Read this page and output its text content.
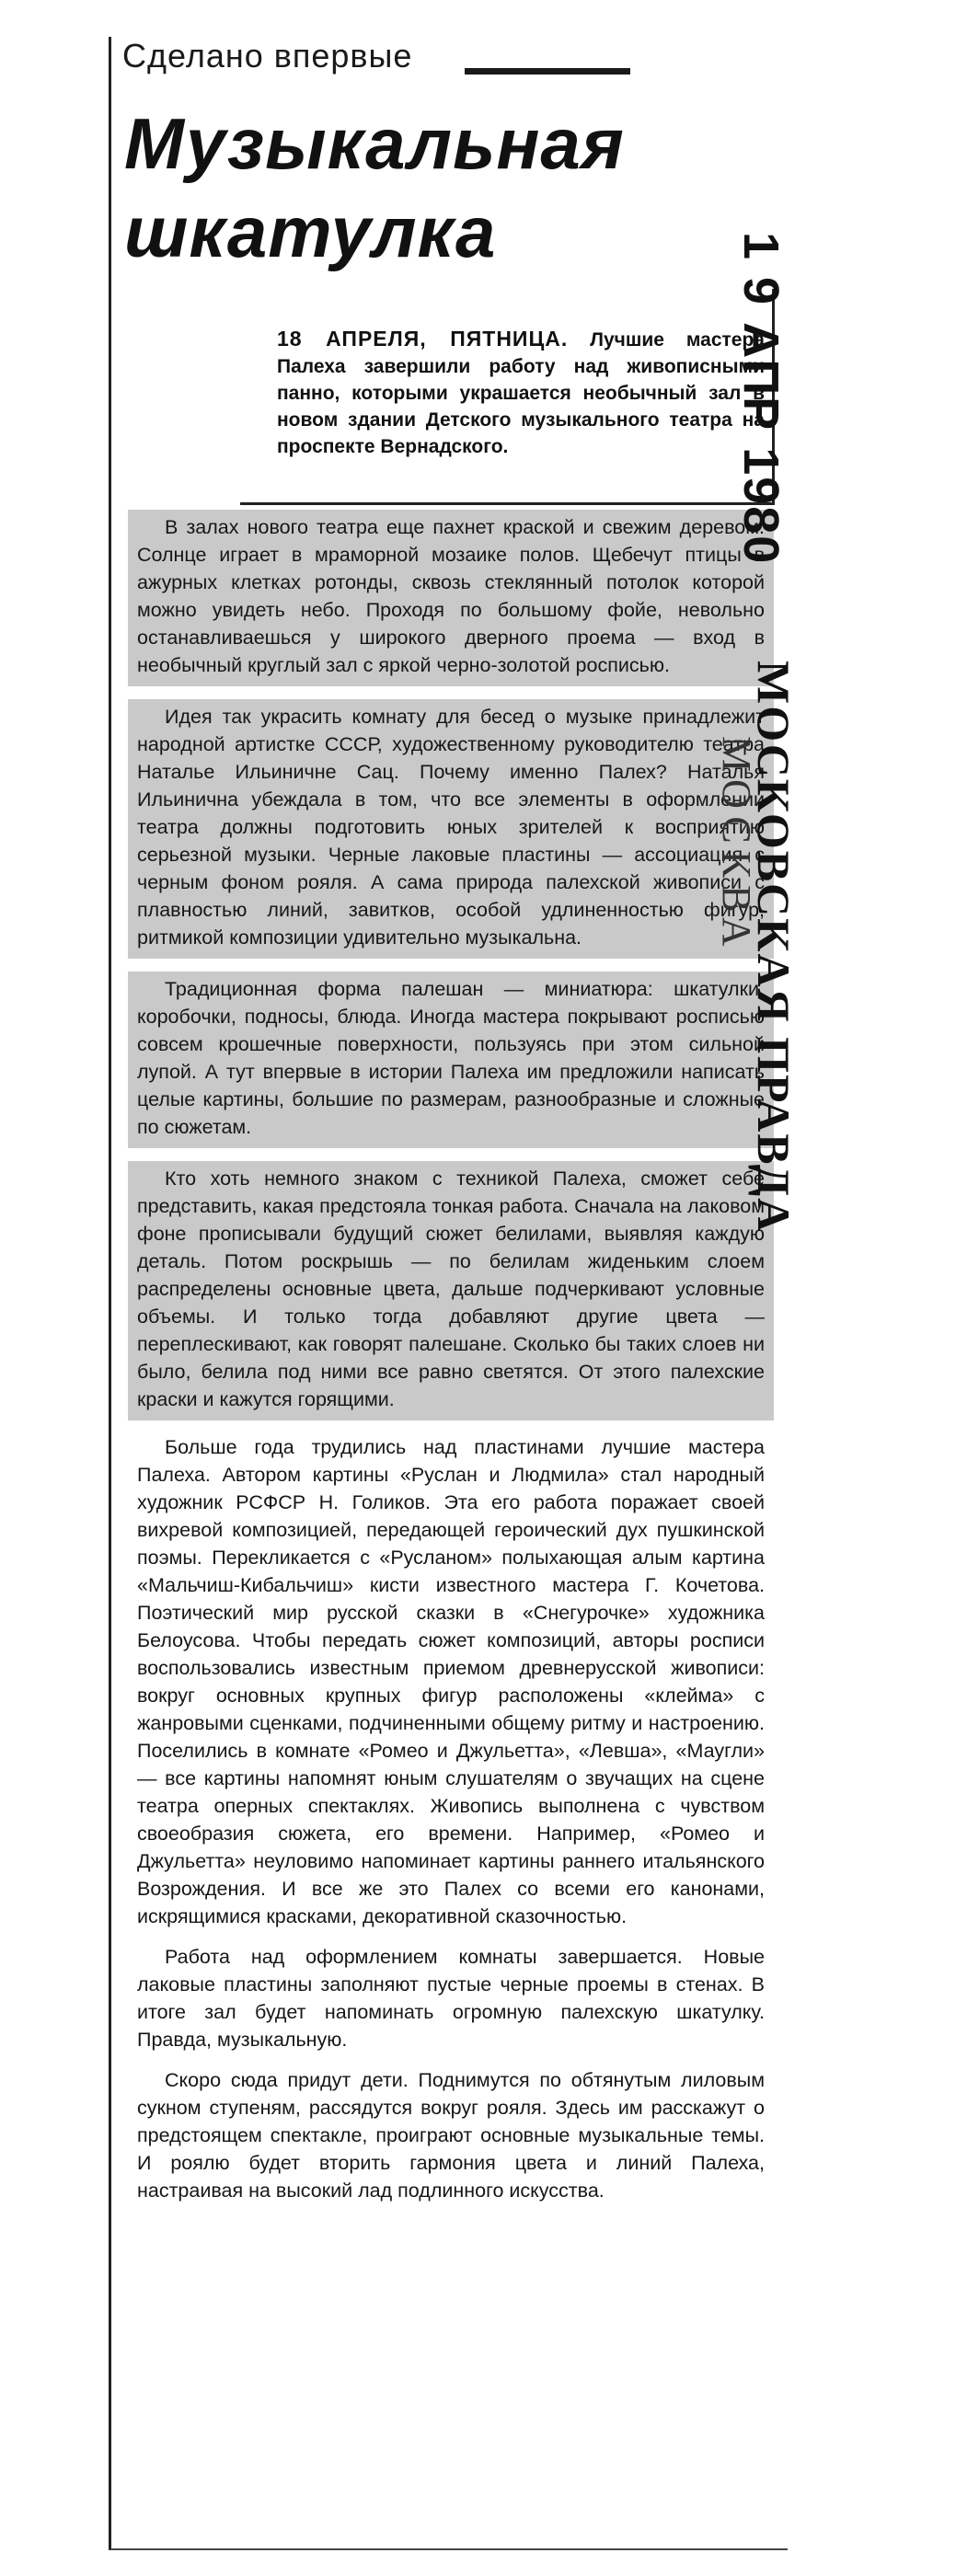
Сделано впервые
Музыкальная
шкатулка

18 АПРЕЛЯ, ПЯТНИЦА. Лучшие мастера Палеха завершили работу над живописными панно, которыми украшается необычный зал в новом здании Детского музыкального театра на проспекте Вернадского.

В залах нового театра еще пахнет краской и свежим деревом. Солнце играет в мраморной мозаике полов. Щебечут птицы в ажурных клетках ротонды, сквозь стеклянный потолок которой можно увидеть небо. Проходя по большому фойе, невольно останавливаешься у широкого дверного проема — вход в необычный круглый зал с яркой черно-золотой росписью.

Идея так украсить комнату для бесед о музыке принадлежит народной артистке СССР, художественному руководителю театра Наталье Ильиничне Сац. Почему именно Палех? Наталья Ильинична убеждала в том, что все элементы в оформлении театра должны подготовить юных зрителей к восприятию серьезной музыки. Черные лаковые пластины — ассоциация с черным фоном рояля. А сама природа палехской живописи с плавностью линий, завитков, особой удлиненностью фигур, ритмикой композиции удивительно музыкальна.

Традиционная форма палешан — миниатюра: шкатулки, коробочки, подносы, блюда. Иногда мастера покрывают росписью совсем крошечные поверхности, пользуясь при этом сильной лупой. А тут впервые в истории Палеха им предложили написать целые картины, большие по размерам, разнообразные и сложные по сюжетам.

Кто хоть немного знаком с техникой Палеха, сможет себе представить, какая предстояла тонкая работа. Сначала на лаковом фоне прописывали будущий сюжет белилами, выявляя каждую деталь. Потом роскрышь — по белилам жиденьким слоем распределены основные цвета, дальше подчеркивают условные объемы. И только тогда добавляют другие цвета — переплескивают, как говорят палешане. Сколько бы таких слоев ни было, белила под ними все равно светятся. От этого палехские краски и кажутся горящими.

Больше года трудились над пластинами лучшие мастера Палеха. Автором картины «Руслан и Людмила» стал народный художник РСФСР Н. Голиков. Эта его работа поражает своей вихревой композицией, передающей героический дух пушкинской поэмы. Перекликается с «Русланом» полыхающая алым картина «Мальчиш-Кибальчиш» кисти известного мастера Г. Кочетова. Поэтический мир русской сказки в «Снегурочке» художника Белоусова. Чтобы передать сюжет композиций, авторы росписи воспользовались известным приемом древнерусской живописи: вокруг основных крупных фигур расположены «клейма» с жанровыми сценками, подчиненными общему ритму и настроению. Поселились в комнате «Ромео и Джульетта», «Левша», «Маугли» — все картины напомнят юным слушателям о звучащих на сцене театра оперных спектаклях. Живопись выполнена с чувством своеобразия сюжета, его времени. Например, «Ромео и Джульетта» неуловимо напоминает картины раннего итальянского Возрождения. И все же это Палех со всеми его канонами, искрящимися красками, декоративной сказочностью.

Работа над оформлением комнаты завершается. Новые лаковые пластины заполняют пустые черные проемы в стенах. В итоге зал будет напоминать огромную палехскую шкатулку. Правда, музыкальную.

Скоро сюда придут дети. Поднимутся по обтянутым лиловым сукном ступеням, рассядутся вокруг рояля. Здесь им расскажут о предстоящем спектакле, проиграют основные музыкальные темы. И роялю будет вторить гармония цвета и линий Палеха, настраивая на высокий лад подлинного искусства.

1 9 АПР 1980
МОСКОВСКАЯ ПРАВДА
МОСКВА
